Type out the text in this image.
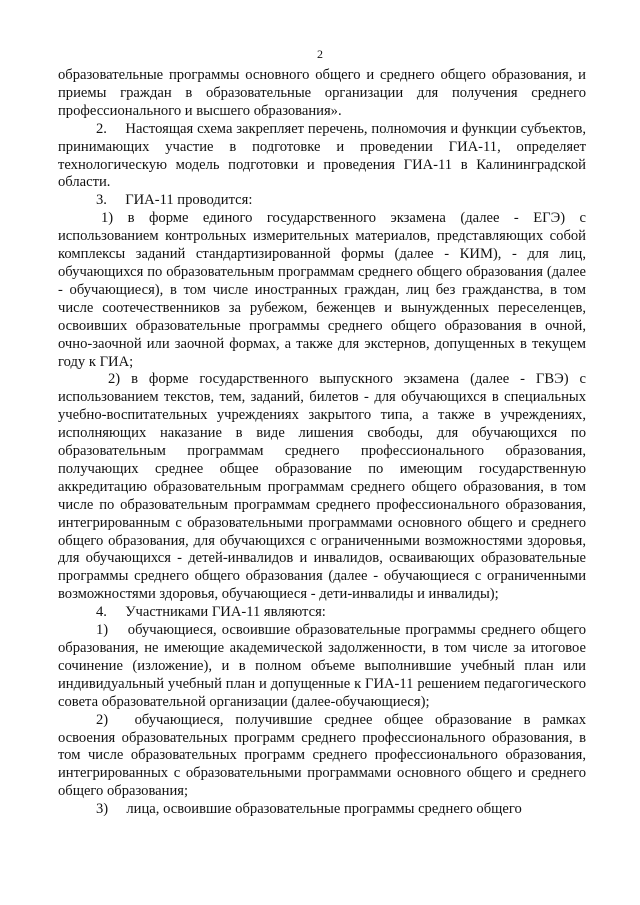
2

образовательные программы основного общего и среднего общего образования, и приемы граждан в образовательные организации для получения среднего профессионального и высшего образования».

2.  Настоящая схема закрепляет перечень, полномочия и функции субъектов, принимающих участие в подготовке и проведении ГИА-11, определяет технологическую модель подготовки и проведения ГИА-11 в Калининградской области.

3.  ГИА-11 проводится:

1) в форме единого государственного экзамена (далее - ЕГЭ) с использованием контрольных измерительных материалов, представляющих собой комплексы заданий стандартизированной формы (далее - КИМ), - для лиц, обучающихся по образовательным программам среднего общего образования (далее - обучающиеся), в том числе иностранных граждан, лиц без гражданства, в том числе соотечественников за рубежом, беженцев и вынужденных переселенцев, освоивших образовательные программы среднего общего образования в очной, очно-заочной или заочной формах, а также для экстернов, допущенных в текущем году к ГИА;

2) в форме государственного выпускного экзамена (далее - ГВЭ) с использованием текстов, тем, заданий, билетов - для обучающихся в специальных учебно-воспитательных учреждениях закрытого типа, а также в учреждениях, исполняющих наказание в виде лишения свободы, для обучающихся по образовательным программам среднего профессионального образования, получающих среднее общее образование по имеющим государственную аккредитацию образовательным программам среднего общего образования, в том числе по образовательным программам среднего профессионального образования, интегрированным с образовательными программами основного общего и среднего общего образования, для обучающихся с ограниченными возможностями здоровья, для обучающихся - детей-инвалидов и инвалидов, осваивающих образовательные программы среднего общего образования (далее - обучающиеся с ограниченными возможностями здоровья, обучающиеся - дети-инвалиды и инвалиды);

4.  Участниками ГИА-11 являются:

1)  обучающиеся, освоившие образовательные программы среднего общего образования, не имеющие академической задолженности, в том числе за итоговое сочинение (изложение), и в полном объеме выполнившие учебный план или индивидуальный учебный план и допущенные к ГИА-11 решением педагогического совета образовательной организации (далее-обучающиеся);

2)  обучающиеся, получившие среднее общее образование в рамках освоения образовательных программ среднего профессионального образования, в том числе образовательных программ среднего профессионального образования, интегрированных с образовательными программами основного общего и среднего общего образования;

3)  лица, освоившие образовательные программы среднего общего
